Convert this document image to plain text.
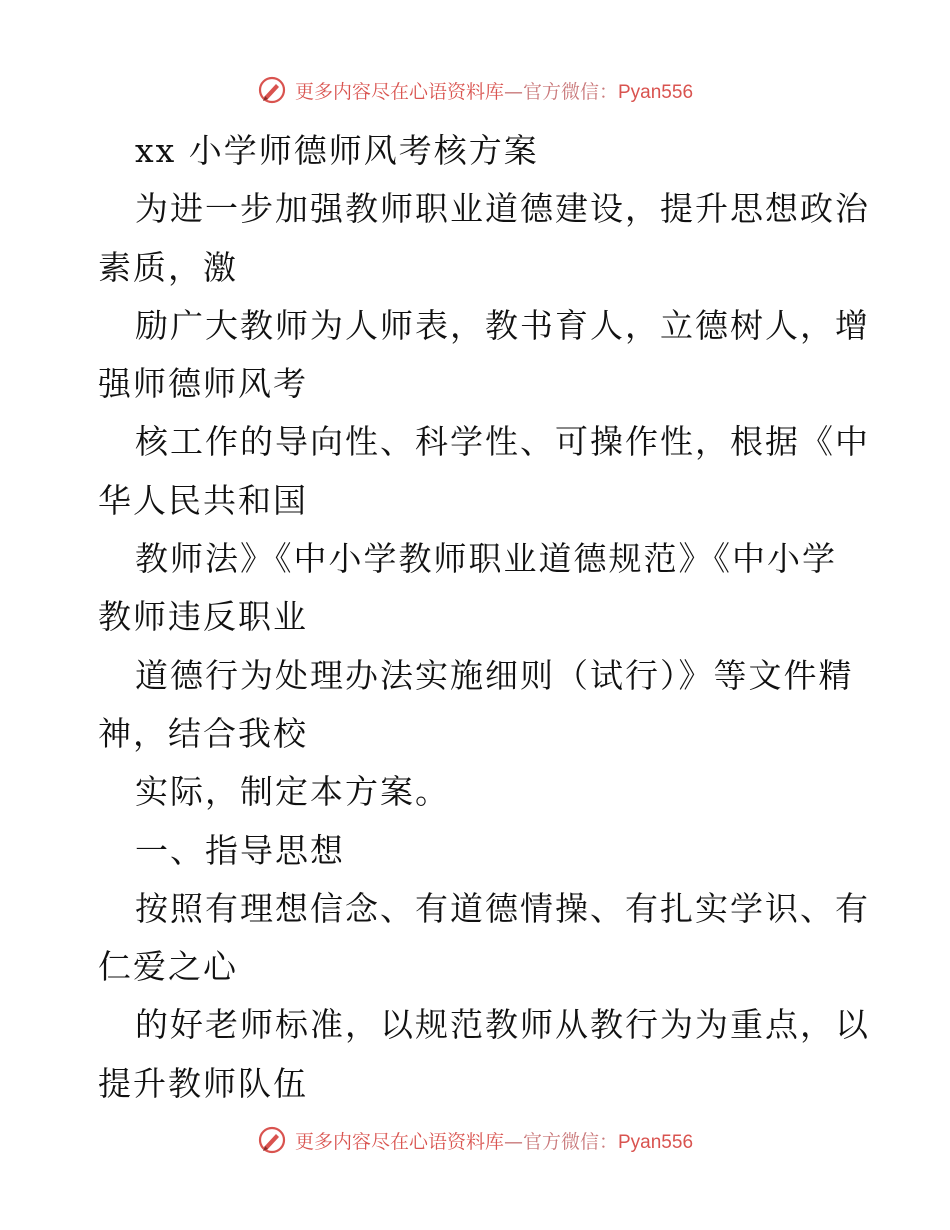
更多内容尽在心语资料库—官方微信：Pyan556
xx 小学师德师风考核方案
为进一步加强教师职业道德建设，提升思想政治
素质，激
励广大教师为人师表，教书育人，立德树人，增
强师德师风考
核工作的导向性、科学性、可操作性，根据《中
华人民共和国
教师法》《中小学教师职业道德规范》《中小学
教师违反职业
道德行为处理办法实施细则（试行）》等文件精
神，结合我校
实际，制定本方案。
一、指导思想
按照有理想信念、有道德情操、有扎实学识、有
仁爱之心
的好老师标准，以规范教师从教行为为重点，以
提升教师队伍
更多内容尽在心语资料库—官方微信：Pyan556
